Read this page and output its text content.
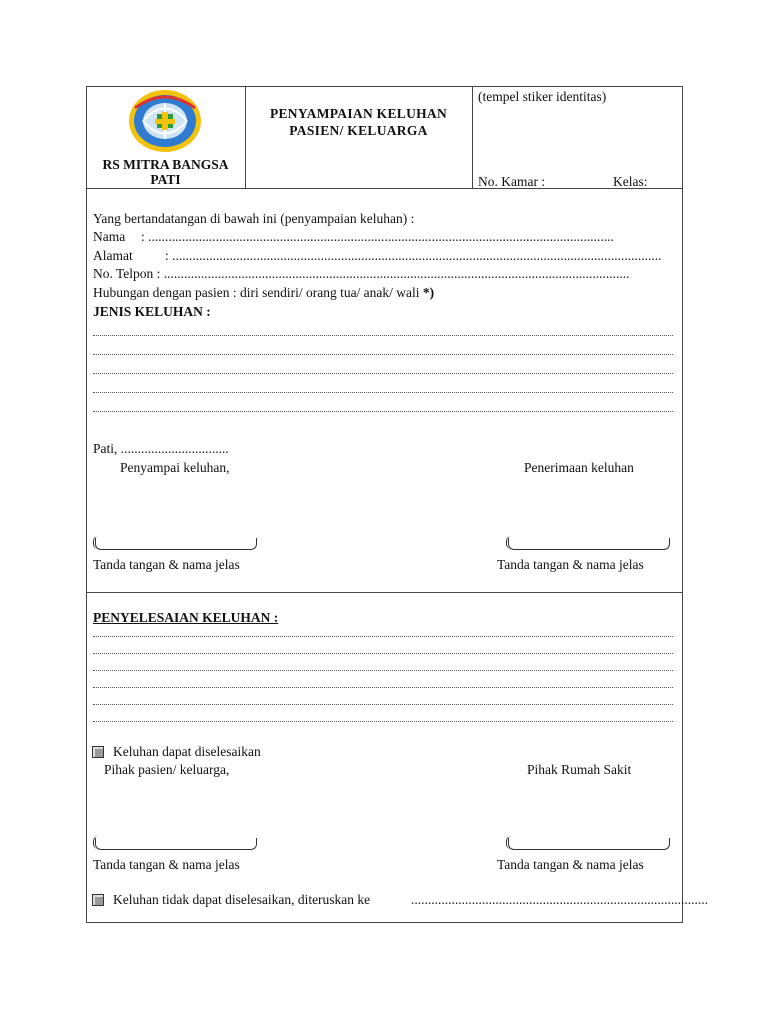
RS MITRA BANGSA
PATI
PENYAMPAIAN KELUHAN
PASIEN/ KELUARGA
(tempel stiker identitas)
No. Kamar :	Kelas:
Yang bertandatangan di bawah ini (penyampaian keluhan) :
Nama : ..........................................................................................................................................
Alamat : .................................................................................................................................................
No. Telpon : ..........................................................................................................................................
Hubungan dengan pasien : diri sendiri/ orang tua/ anak/ wali *)
JENIS KELUHAN :
Pati, ................................
Penyampai keluhan,	Penerimaan keluhan
Tanda tangan & nama jelas	Tanda tangan & nama jelas
PENYELESAIAN KELUHAN :
Keluhan dapat diselesaikan
Pihak pasien/ keluarga,	Pihak Rumah Sakit
Tanda tangan & nama jelas	Tanda tangan & nama jelas
Keluhan tidak dapat diselesaikan, diteruskan ke	........................................................................................
